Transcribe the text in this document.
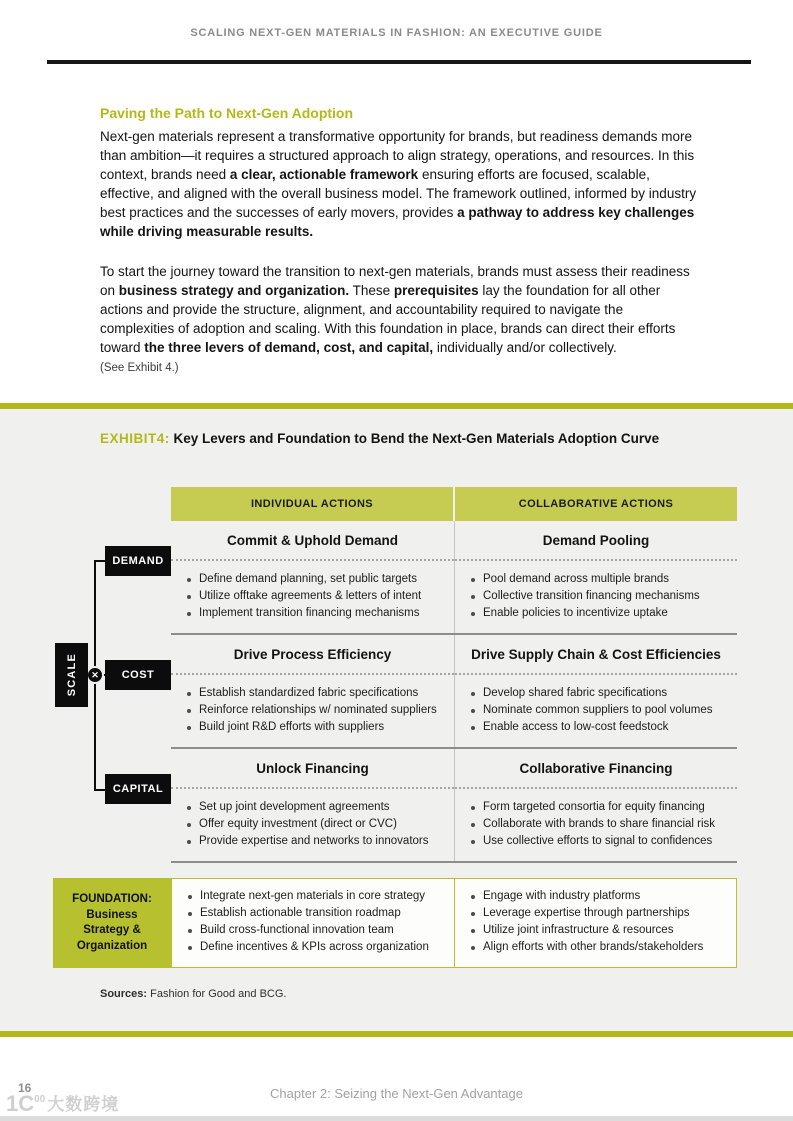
SCALING NEXT-GEN MATERIALS IN FASHION: AN EXECUTIVE GUIDE
Paving the Path to Next-Gen Adoption

Next-gen materials represent a transformative opportunity for brands, but readiness demands more than ambition—it requires a structured approach to align strategy, operations, and resources. In this context, brands need a clear, actionable framework ensuring efforts are focused, scalable, effective, and aligned with the overall business model. The framework outlined, informed by industry best practices and the successes of early movers, provides a pathway to address key challenges while driving measurable results.

To start the journey toward the transition to next-gen materials, brands must assess their readiness on business strategy and organization. These prerequisites lay the foundation for all other actions and provide the structure, alignment, and accountability required to navigate the complexities of adoption and scaling. With this foundation in place, brands can direct their efforts toward the three levers of demand, cost, and capital, individually and/or collectively.

(See Exhibit 4.)
EXHIBIT4: Key Levers and Foundation to Bend the Next-Gen Materials Adoption Curve
INDIVIDUAL ACTIONS	COLLABORATIVE ACTIONS
Commit & Uphold Demand
Define demand planning, set public targets
Utilize offtake agreements & letters of intent
Implement transition financing mechanisms
Demand Pooling
Pool demand across multiple brands
Collective transition financing mechanisms
Enable policies to incentivize uptake
Drive Process Efficiency
Establish standardized fabric specifications
Reinforce relationships w/ nominated suppliers
Build joint R&D efforts with suppliers
Drive Supply Chain & Cost Efficiencies
Develop shared fabric specifications
Nominate common suppliers to pool volumes
Enable access to low-cost feedstock
Unlock Financing
Set up joint development agreements
Offer equity investment (direct or CVC)
Provide expertise and networks to innovators
Collaborative Financing
Form targeted consortia for equity financing
Collaborate with brands to share financial risk
Use collective efforts to signal to confidences
✕
SCALE
DEMAND
COST
CAPITAL
FOUNDATION:
Business
Strategy &
Organization
Integrate next-gen materials in core strategy
Establish actionable transition roadmap
Build cross-functional innovation team
Define incentives & KPIs across organization
Engage with industry platforms
Leverage expertise through partnerships
Utilize joint infrastructure & resources
Align efforts with other brands/stakeholders
Sources: Fashion for Good and BCG.
Chapter 2: Seizing the Next-Gen Advantage
16
$1C^{00}$ 大数跨境
